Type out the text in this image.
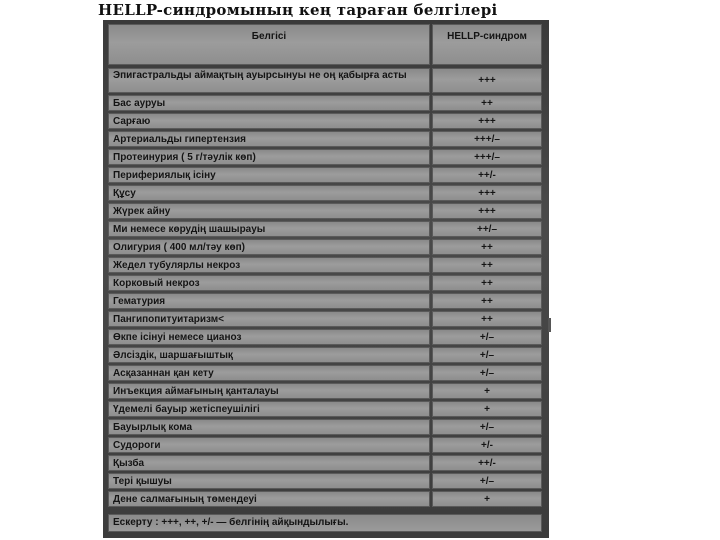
HELLP-синдромының кең тараған белгілері
Белгісі	HELLP-синдром
Эпигастральды аймақтың ауырсынуы не оң қабырға асты	+++
Бас ауруы	++
Сарғаю	+++
Артериальды гипертензия	+++/–
Протеинурия ( 5 г/тәулік көп)	+++/–
Перифериялық ісіну	++/-
Құсу	+++
Жүрек айну	+++
Ми немесе көрудің шашырауы	++/–
Олигурия ( 400 мл/тәу көп)	++
Жедел тубулярлы некроз	++
Корковый некроз	++
Гематурия	++
Пангипопитуитаризм<	++
Өкпе ісінуі немесе цианоз	+/–
Әлсіздік, шаршағыштық	+/–
Асқазаннан қан кету	+/–
Инъекция аймағының қанталауы	+
Үдемелі бауыр жетіспеушілігі	+
Бауырлық кома	+/–
Судороги	+/-
Қызба	++/-
Тері қышуы	+/–
Дене салмағының төмендеуі	+
Ескерту : +++, ++, +/- — белгінің айқындылығы.
